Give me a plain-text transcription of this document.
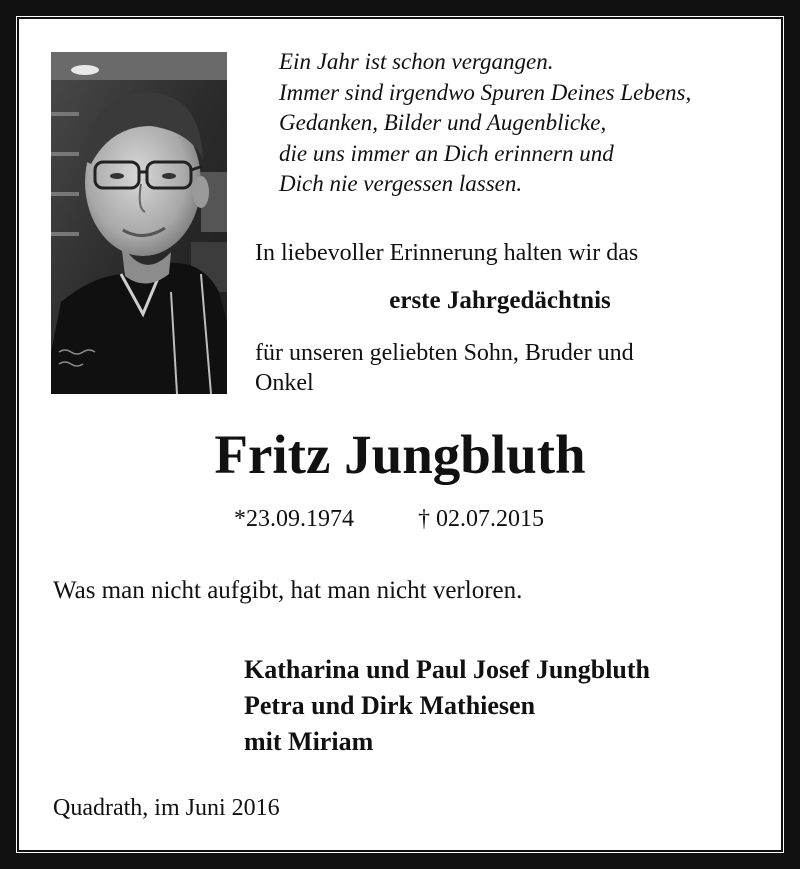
Ein Jahr ist schon vergangen.
Immer sind irgendwo Spuren Deines Lebens,
Gedanken, Bilder und Augenblicke,
die uns immer an Dich erinnern und
Dich nie vergessen lassen.
In liebevoller Erinnerung halten wir das
erste Jahrgedächtnis
für unseren geliebten Sohn, Bruder und
Onkel
Fritz Jungbluth
*23.09.1974	† 02.07.2015
Was man nicht aufgibt, hat man nicht verloren.
Katharina und Paul Josef Jungbluth
Petra und Dirk Mathiesen
mit Miriam
Quadrath, im Juni 2016
